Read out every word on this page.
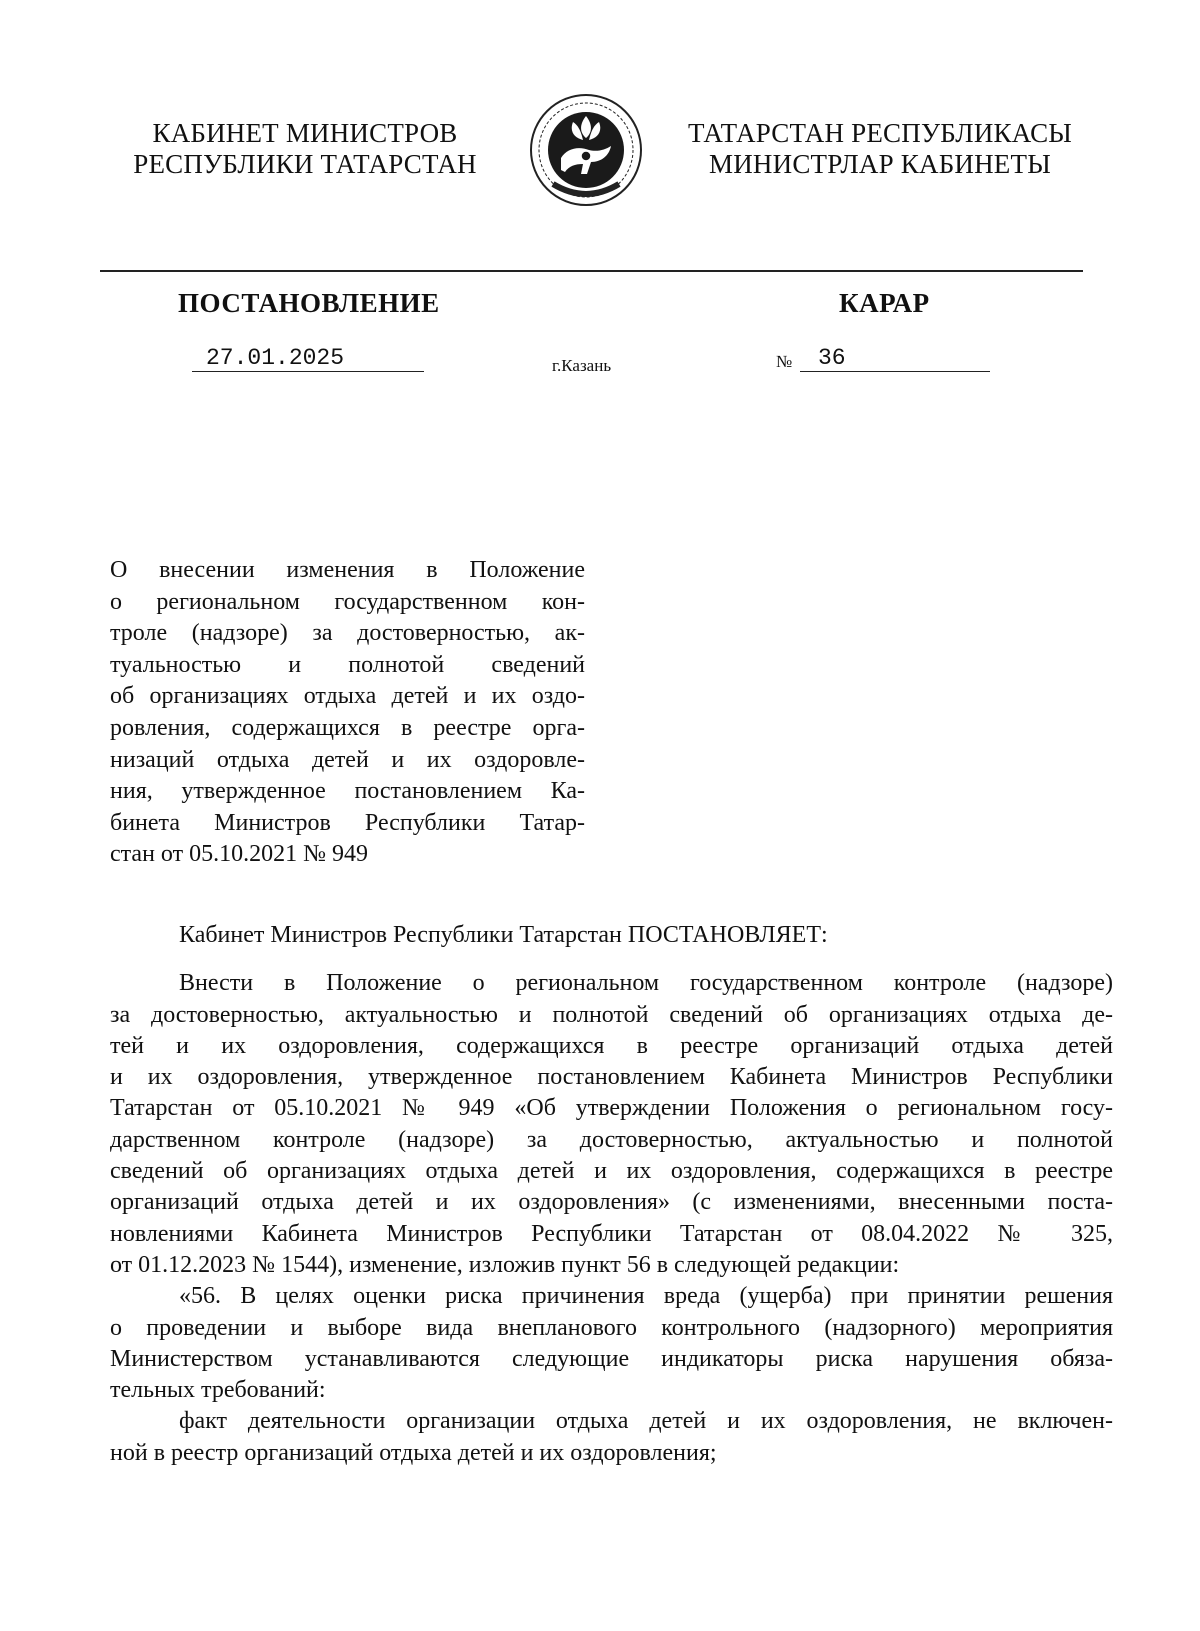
КАБИНЕТ МИНИСТРОВ
РЕСПУБЛИКИ ТАТАРСТАН
ТАТАРСТАН РЕСПУБЛИКАСЫ
МИНИСТРЛАР КАБИНЕТЫ
ПОСТАНОВЛЕНИЕ	КАРАР
27.01.2025	г.Казань	№	36
О внесении изменения в Положение
о региональном государственном кон-
троле (надзоре) за достоверностью, ак-
туальностью и полнотой сведений
об организациях отдыха детей и их оздо-
ровления, содержащихся в реестре орга-
низаций отдыха детей и их оздоровле-
ния, утвержденное постановлением Ка-
бинета Министров Республики Татар-
стан от 05.10.2021 № 949

Кабинет Министров Республики Татарстан ПОСТАНОВЛЯЕТ:

Внести в Положение о региональном государственном контроле (надзоре)
за достоверностью, актуальностью и полнотой сведений об организациях отдыха де-
тей и их оздоровления, содержащихся в реестре организаций отдыха детей
и их оздоровления, утвержденное постановлением Кабинета Министров Республики
Татарстан от 05.10.2021 № 949 «Об утверждении Положения о региональном госу-
дарственном контроле (надзоре) за достоверностью, актуальностью и полнотой
сведений об организациях отдыха детей и их оздоровления, содержащихся в реестре
организаций отдыха детей и их оздоровления» (с изменениями, внесенными поста-
новлениями Кабинета Министров Республики Татарстан от 08.04.2022 № 325,
от 01.12.2023 № 1544), изменение, изложив пункт 56 в следующей редакции:
«56. В целях оценки риска причинения вреда (ущерба) при принятии решения
о проведении и выборе вида внепланового контрольного (надзорного) мероприятия
Министерством устанавливаются следующие индикаторы риска нарушения обяза-
тельных требований:
факт деятельности организации отдыха детей и их оздоровления, не включен-
ной в реестр организаций отдыха детей и их оздоровления;
